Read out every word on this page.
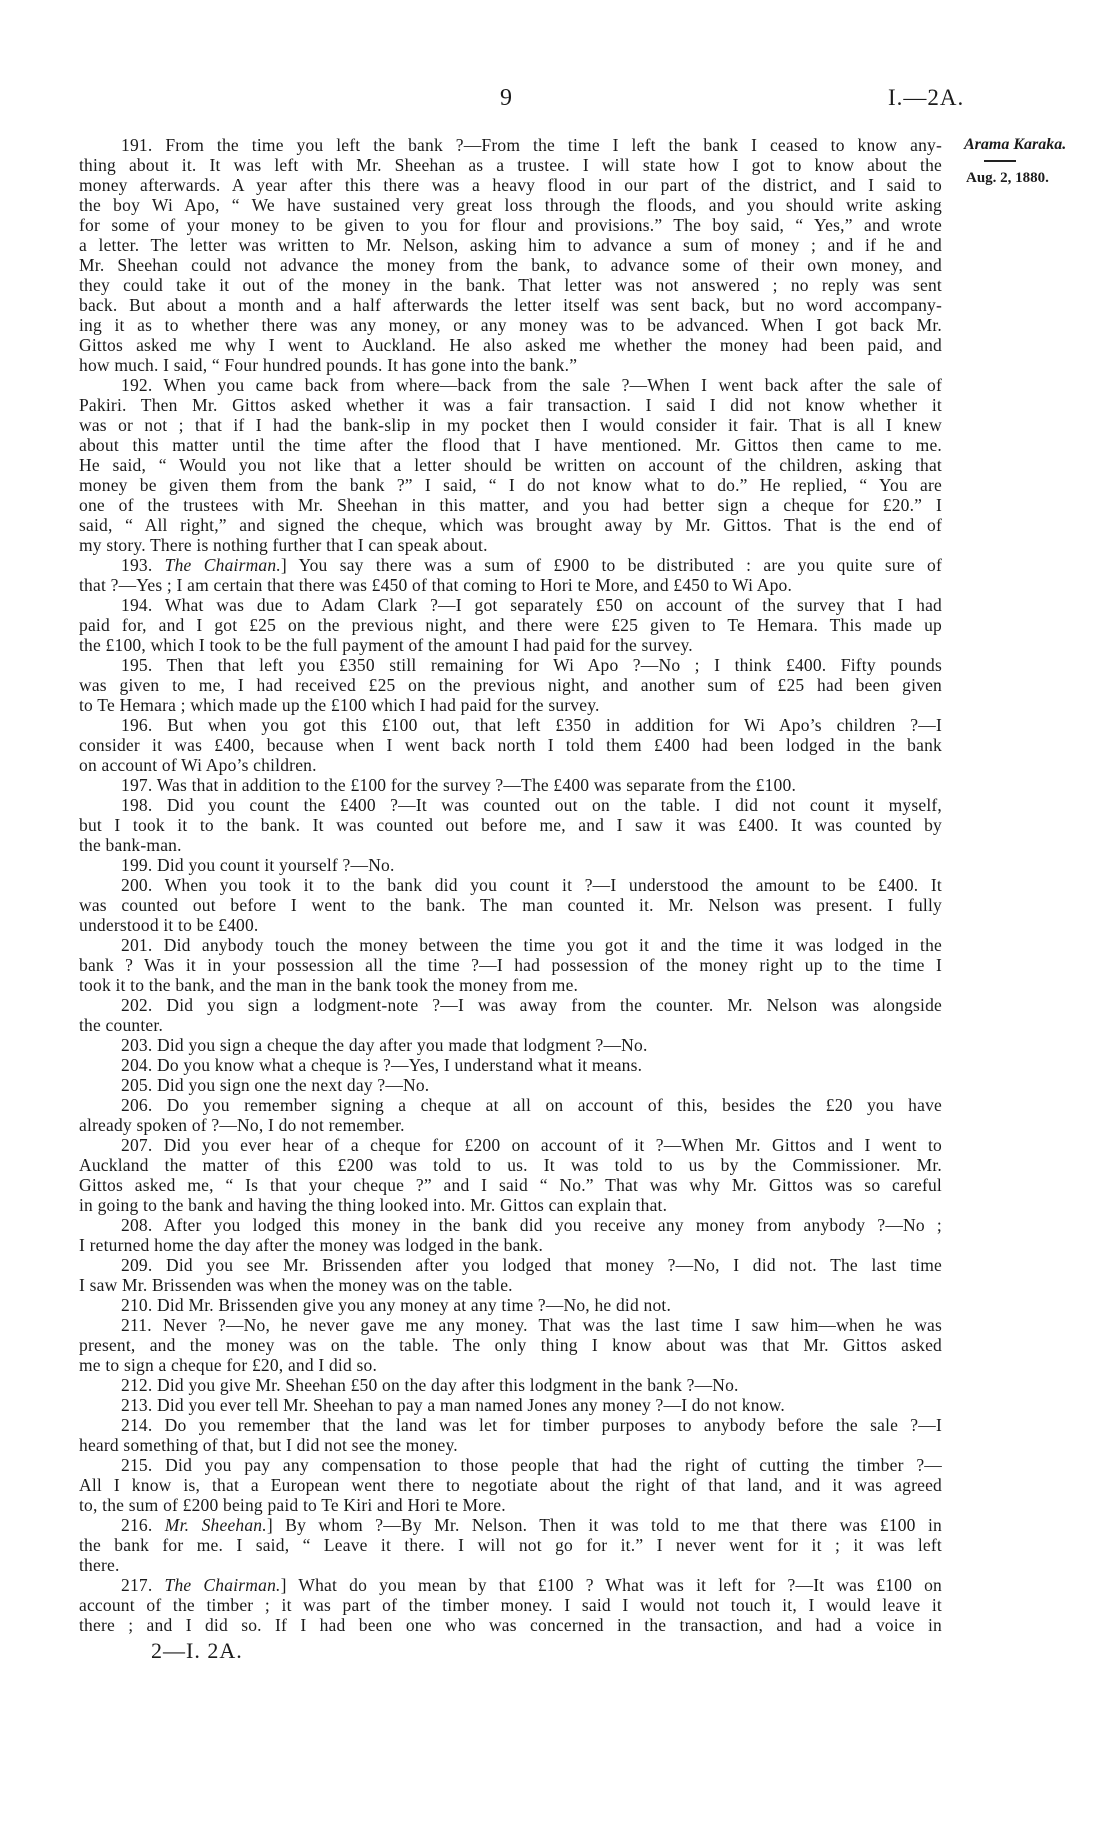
9	I.—2A.
Arama Karaka.
Aug. 2, 1880.
191. From the time you left the bank ?—From the time I left the bank I ceased to know any-
thing about it. It was left with Mr. Sheehan as a trustee. I will state how I got to know about the
money afterwards. A year after this there was a heavy flood in our part of the district, and I said to
the boy Wi Apo, “ We have sustained very great loss through the floods, and you should write asking
for some of your money to be given to you for flour and provisions.” The boy said, “ Yes,” and wrote
a letter. The letter was written to Mr. Nelson, asking him to advance a sum of money ; and if he and
Mr. Sheehan could not advance the money from the bank, to advance some of their own money, and
they could take it out of the money in the bank. That letter was not answered ; no reply was sent
back. But about a month and a half afterwards the letter itself was sent back, but no word accompany-
ing it as to whether there was any money, or any money was to be advanced. When I got back Mr.
Gittos asked me why I went to Auckland. He also asked me whether the money had been paid, and
how much. I said, “ Four hundred pounds. It has gone into the bank.”
192. When you came back from where—back from the sale ?—When I went back after the sale of
Pakiri. Then Mr. Gittos asked whether it was a fair transaction. I said I did not know whether it
was or not ; that if I had the bank-slip in my pocket then I would consider it fair. That is all I knew
about this matter until the time after the flood that I have mentioned. Mr. Gittos then came to me.
He said, “ Would you not like that a letter should be written on account of the children, asking that
money be given them from the bank ?” I said, “ I do not know what to do.” He replied, “ You are
one of the trustees with Mr. Sheehan in this matter, and you had better sign a cheque for £20.” I
said, “ All right,” and signed the cheque, which was brought away by Mr. Gittos. That is the end of
my story. There is nothing further that I can speak about.
193. The Chairman.] You say there was a sum of £900 to be distributed : are you quite sure of
that ?—Yes ; I am certain that there was £450 of that coming to Hori te More, and £450 to Wi Apo.
194. What was due to Adam Clark ?—I got separately £50 on account of the survey that I had
paid for, and I got £25 on the previous night, and there were £25 given to Te Hemara. This made up
the £100, which I took to be the full payment of the amount I had paid for the survey.
195. Then that left you £350 still remaining for Wi Apo ?—No ; I think £400. Fifty pounds
was given to me, I had received £25 on the previous night, and another sum of £25 had been given
to Te Hemara ; which made up the £100 which I had paid for the survey.
196. But when you got this £100 out, that left £350 in addition for Wi Apo’s children ?—I
consider it was £400, because when I went back north I told them £400 had been lodged in the bank
on account of Wi Apo’s children.
197. Was that in addition to the £100 for the survey ?—The £400 was separate from the £100.
198. Did you count the £400 ?—It was counted out on the table. I did not count it myself,
but I took it to the bank. It was counted out before me, and I saw it was £400. It was counted by
the bank-man.
199. Did you count it yourself ?—No.
200. When you took it to the bank did you count it ?—I understood the amount to be £400. It
was counted out before I went to the bank. The man counted it. Mr. Nelson was present. I fully
understood it to be £400.
201. Did anybody touch the money between the time you got it and the time it was lodged in the
bank ? Was it in your possession all the time ?—I had possession of the money right up to the time I
took it to the bank, and the man in the bank took the money from me.
202. Did you sign a lodgment-note ?—I was away from the counter. Mr. Nelson was alongside
the counter.
203. Did you sign a cheque the day after you made that lodgment ?—No.
204. Do you know what a cheque is ?—Yes, I understand what it means.
205. Did you sign one the next day ?—No.
206. Do you remember signing a cheque at all on account of this, besides the £20 you have
already spoken of ?—No, I do not remember.
207. Did you ever hear of a cheque for £200 on account of it ?—When Mr. Gittos and I went to
Auckland the matter of this £200 was told to us. It was told to us by the Commissioner. Mr.
Gittos asked me, “ Is that your cheque ?” and I said “ No.” That was why Mr. Gittos was so careful
in going to the bank and having the thing looked into. Mr. Gittos can explain that.
208. After you lodged this money in the bank did you receive any money from anybody ?—No ;
I returned home the day after the money was lodged in the bank.
209. Did you see Mr. Brissenden after you lodged that money ?—No, I did not. The last time
I saw Mr. Brissenden was when the money was on the table.
210. Did Mr. Brissenden give you any money at any time ?—No, he did not.
211. Never ?—No, he never gave me any money. That was the last time I saw him—when he was
present, and the money was on the table. The only thing I know about was that Mr. Gittos asked
me to sign a cheque for £20, and I did so.
212. Did you give Mr. Sheehan £50 on the day after this lodgment in the bank ?—No.
213. Did you ever tell Mr. Sheehan to pay a man named Jones any money ?—I do not know.
214. Do you remember that the land was let for timber purposes to anybody before the sale ?—I
heard something of that, but I did not see the money.
215. Did you pay any compensation to those people that had the right of cutting the timber ?—
All I know is, that a European went there to negotiate about the right of that land, and it was agreed
to, the sum of £200 being paid to Te Kiri and Hori te More.
216. Mr. Sheehan.] By whom ?—By Mr. Nelson. Then it was told to me that there was £100 in
the bank for me. I said, “ Leave it there. I will not go for it.” I never went for it ; it was left
there.
217. The Chairman.] What do you mean by that £100 ? What was it left for ?—It was £100 on
account of the timber ; it was part of the timber money. I said I would not touch it, I would leave it
there ; and I did so. If I had been one who was concerned in the transaction, and had a voice in
2—I. 2A.
